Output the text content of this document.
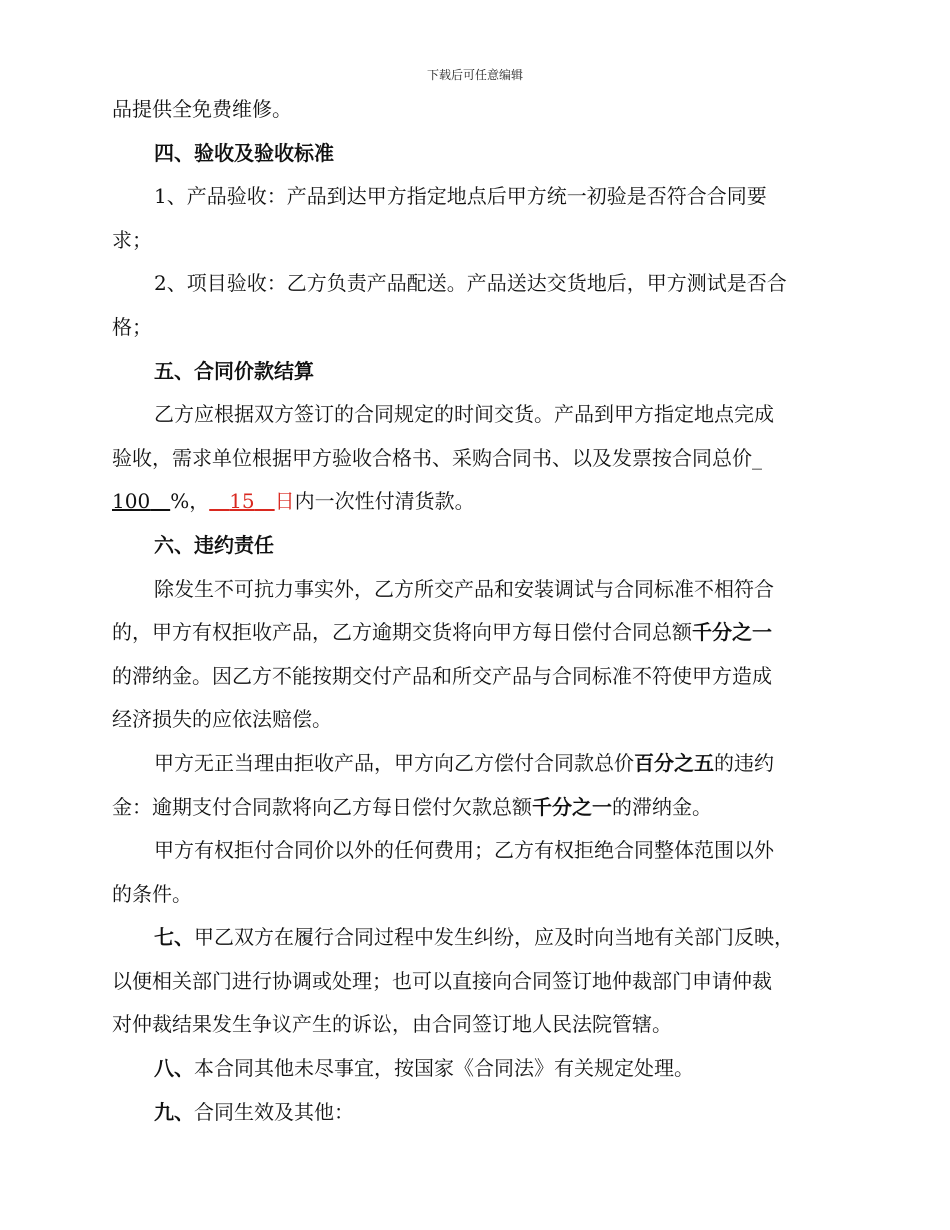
下载后可任意编辑

品提供全免费维修。

四、验收及验收标准

1、产品验收：产品到达甲方指定地点后甲方统一初验是否符合合同要

求；

2、项目验收：乙方负责产品配送。产品送达交货地后，甲方测试是否合

格；

五、合同价款结算

乙方应根据双方签订的合同规定的时间交货。产品到甲方指定地点完成

验收，需求单位根据甲方验收合格书、采购合同书、以及发票按合同总价_

100　 %，　 15　 日内一次性付清货款。

六、违约责任

除发生不可抗力事实外，乙方所交产品和安装调试与合同标准不相符合

的，甲方有权拒收产品，乙方逾期交货将向甲方每日偿付合同总额千分之一

的滞纳金。因乙方不能按期交付产品和所交产品与合同标准不符使甲方造成

经济损失的应依法赔偿。

甲方无正当理由拒收产品，甲方向乙方偿付合同款总价百分之五的违约

金：逾期支付合同款将向乙方每日偿付欠款总额千分之一的滞纳金。

甲方有权拒付合同价以外的任何费用；乙方有权拒绝合同整体范围以外

的条件。

七、甲乙双方在履行合同过程中发生纠纷，应及时向当地有关部门反映，

以便相关部门进行协调或处理；也可以直接向合同签订地仲裁部门申请仲裁

对仲裁结果发生争议产生的诉讼，由合同签订地人民法院管辖。

八、本合同其他未尽事宜，按国家《合同法》有关规定处理。

九、合同生效及其他：
